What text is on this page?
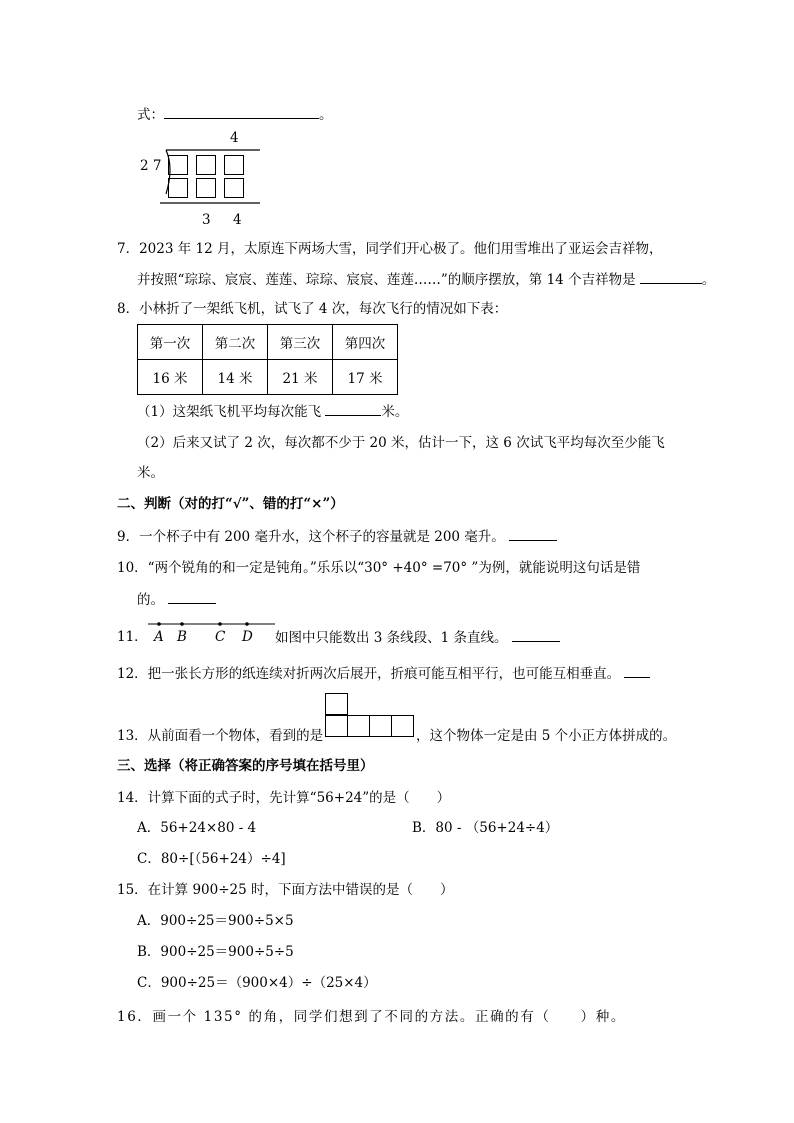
式：	。
4
2 7
3 4
7．2023 年 12 月，太原连下两场大雪，同学们开心极了。他们用雪堆出了亚运会吉祥物，
并按照“琮琮、宸宸、莲莲、琮琮、宸宸、莲莲……”的顺序摆放，第 14 个吉祥物是	。
8．小林折了一架纸飞机，试飞了 4 次，每次飞行的情况如下表：
第一次	第二次	第三次	第四次
16 米	14 米	21 米	17 米
（1）这架纸飞机平均每次能飞	米。
（2）后来又试了 2 次，每次都不少于 20 米，估计一下，这 6 次试飞平均每次至少能飞
米。
二、判断（对的打“√”、错的打“×”）
9．一个杯子中有 200 毫升水，这个杯子的容量就是 200 毫升。
10．“两个锐角的和一定是钝角。”乐乐以“30° +40° =70° ”为例，就能说明这句话是错
的。
11． A B C D 如图中只能数出 3 条线段、1 条直线。
12．把一张长方形的纸连续对折两次后展开，折痕可能互相平行，也可能互相垂直。
13．从前面看一个物体，看到的是	，这个物体一定是由 5 个小正方体拼成的。
三、选择（将正确答案的序号填在括号里）
14．计算下面的式子时，先计算“56+24”的是（　　）
A．56+24×80 - 4	B．80 - （56+24÷4）
C．80÷[（56+24）÷4]
15．在计算 900÷25 时，下面方法中错误的是（　　）
A．900÷25＝900÷5×5
B．900÷25＝900÷5÷5
C．900÷25＝（900×4）÷（25×4）
16．画一个 135° 的角，同学们想到了不同的方法。正确的有（　　）种。
